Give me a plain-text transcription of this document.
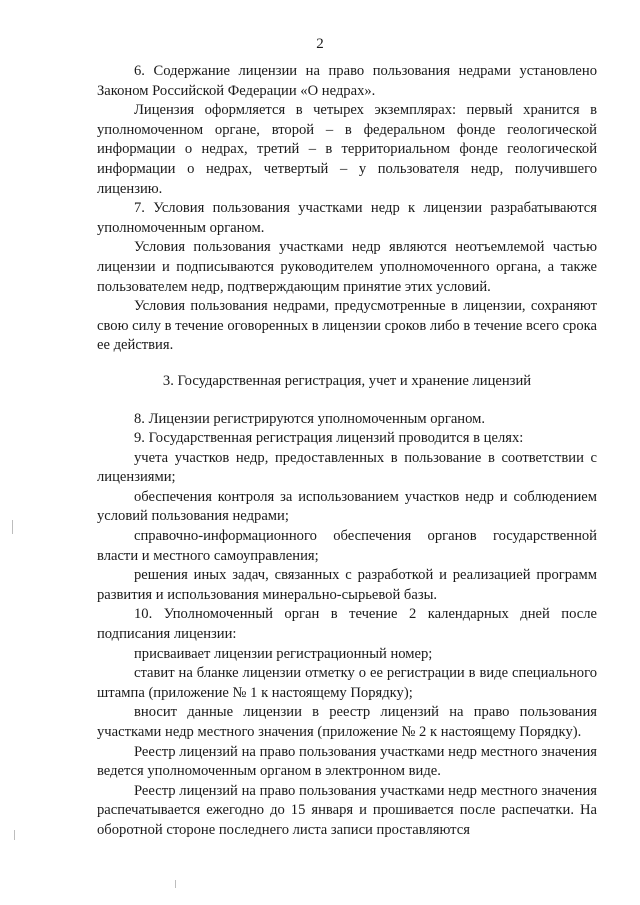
2

6. Содержание лицензии на право пользования недрами установлено Законом Российской Федерации «О недрах».

Лицензия оформляется в четырех экземплярах: первый хранится в уполномоченном органе, второй – в федеральном фонде геологической информации о недрах, третий – в территориальном фонде геологической информации о недрах, четвертый – у пользователя недр, получившего лицензию.

7. Условия пользования участками недр к лицензии разрабатываются уполномоченным органом.

Условия пользования участками недр являются неотъемлемой частью лицензии и подписываются руководителем уполномоченного органа, а также пользователем недр, подтверждающим принятие этих условий.

Условия пользования недрами, предусмотренные в лицензии, сохраняют свою силу в течение оговоренных в лицензии сроков либо в течение всего срока ее действия.

3. Государственная регистрация, учет и хранение лицензий

8. Лицензии регистрируются уполномоченным органом.

9. Государственная регистрация лицензий проводится в целях:

учета участков недр, предоставленных в пользование в соответствии с лицензиями;

обеспечения контроля за использованием участков недр и соблюдением условий пользования недрами;

справочно-информационного обеспечения органов государственной власти и местного самоуправления;

решения иных задач, связанных с разработкой и реализацией программ развития и использования минерально-сырьевой базы.

10. Уполномоченный орган в течение 2 календарных дней после подписания лицензии:

присваивает лицензии регистрационный номер;

ставит на бланке лицензии отметку о ее регистрации в виде специального штампа (приложение № 1 к настоящему Порядку);

вносит данные лицензии в реестр лицензий на право пользования участками недр местного значения (приложение № 2 к настоящему Порядку).

Реестр лицензий на право пользования участками недр местного значения ведется уполномоченным органом в электронном виде.

Реестр лицензий на право пользования участками недр местного значения распечатывается ежегодно до 15 января и прошивается после распечатки. На оборотной стороне последнего листа записи проставляются
